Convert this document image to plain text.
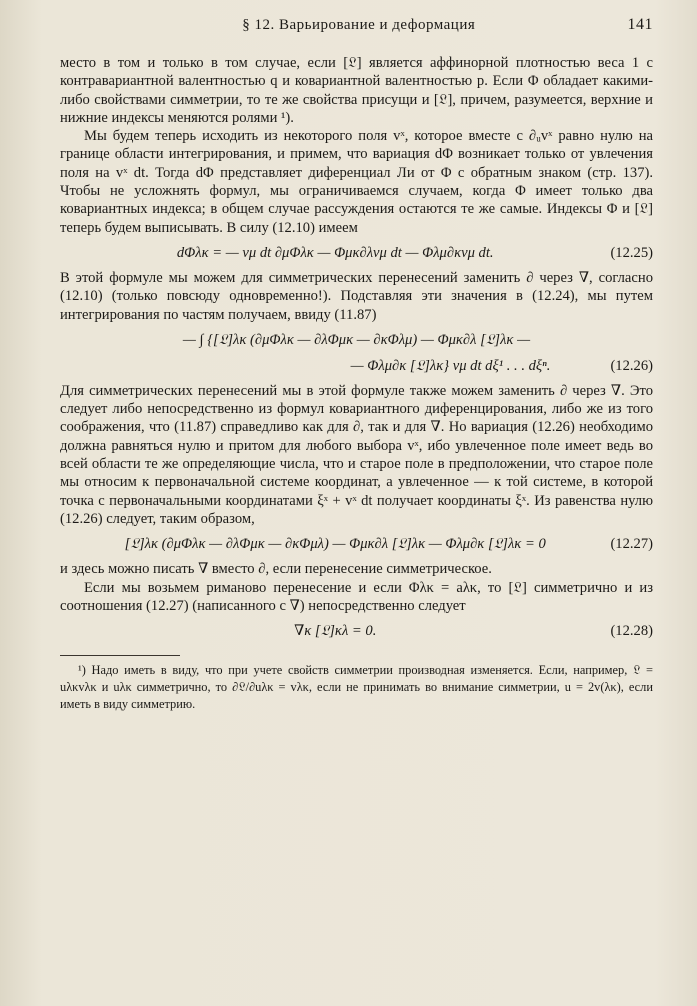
§ 12. Варьирование и деформация	141

место в том и только в том случае, если [𝔏] является аффинорной плотностью веса 1 с контравариантной валентностью q и ковариантной валентностью p. Если Φ обладает какими-либо свойствами симметрии, то те же свойства присущи и [𝔏], причем, разумеется, верхние и нижние индексы меняются ролями ¹).

Мы будем теперь исходить из некоторого поля vˣ, которое вместе с ∂ᵤvˣ равно нулю на границе области интегрирования, и примем, что вариация dΦ возникает только от увлечения поля на vˣ dt. Тогда dΦ представляет диференциал Ли от Φ с обратным знаком (стр. 137). Чтобы не усложнять формул, мы ограничиваемся случаем, когда Φ имеет только два ковариантных индекса; в общем случае рассуждения остаются те же самые. Индексы Φ и [𝔏] теперь будем выписывать. В силу (12.10) имеем

dΦλκ = — vμ dt ∂μΦλκ — Φμκ∂λvμ dt — Φλμ∂κvμ dt.	(12.25)

В этой формуле мы можем для симметрических перенесений заменить ∂ через ∇, согласно (12.10) (только повсюду одновременно!). Подставляя эти значения в (12.24), мы путем интегрирования по частям получаем, ввиду (11.87)

— ∫ {[𝔏]λκ (∂μΦλκ — ∂λΦμκ — ∂κΦλμ) — Φμκ∂λ [𝔏]λκ —
— Φλμ∂κ [𝔏]λκ} vμ dt dξ¹ . . . dξⁿ.	(12.26)

Для симметрических перенесений мы в этой формуле также можем заменить ∂ через ∇. Это следует либо непосредственно из формул ковариантного диференцирования, либо же из того соображения, что (11.87) справедливо как для ∂, так и для ∇. Но вариация (12.26) необходимо должна равняться нулю и притом для любого выбора vˣ, ибо увлеченное поле имеет ведь во всей области те же определяющие числа, что и старое поле в предположении, что старое поле мы относим к первоначальной системе координат, а увлеченное — к той системе, в которой точка с первоначальными координатами ξˣ + vˣ dt получает координаты ξˣ. Из равенства нулю (12.26) следует, таким образом,

[𝔏]λκ (∂μΦλκ — ∂λΦμκ — ∂κΦμλ) — Φμκ∂λ [𝔏]λκ — Φλμ∂κ [𝔏]λκ = 0	(12.27)

и здесь можно писать ∇ вместо ∂, если перенесение симметрическое.

Если мы возьмем риманово перенесение и если Φλκ = aλκ, то [𝔏] симметрично и из соотношения (12.27) (написанного с ∇) непосредственно следует

∇κ [𝔏]κλ = 0.	(12.28)

¹) Надо иметь в виду, что при учете свойств симметрии производная изменяется. Если, например, 𝔏 = uλκvλκ и uλκ симметрично, то ∂𝔏/∂uλκ = vλκ, если не принимать во внимание симметрии, u = 2v(λκ), если иметь в виду симметрию.
